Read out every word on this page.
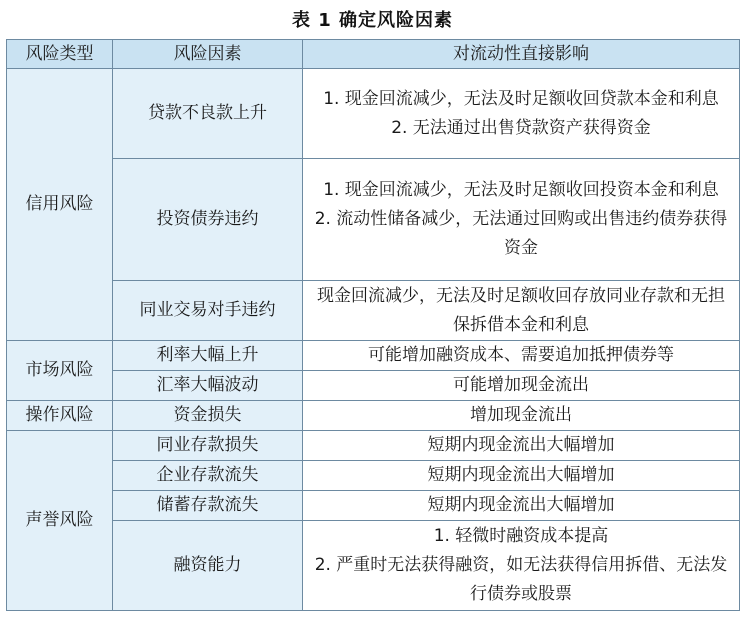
表 1 确定风险因素
风险类型	风险因素	对流动性直接影响
信用风险	贷款不良款上升	1. 现金回流减少，无法及时足额收回贷款本金和利息
2. 无法通过出售贷款资产获得资金

	投资债券违约	1. 现金回流减少，无法及时足额收回投资本金和利息
2. 流动性储备减少，无法通过回购或出售违约债券获得资金

	同业交易对手违约	现金回流减少，无法及时足额收回存放同业存款和无担保拆借本金和利息

市场风险	利率大幅上升	可能增加融资成本、需要追加抵押债券等
	汇率大幅波动	可能增加现金流出
操作风险	资金损失	增加现金流出
声誉风险	同业存款损失	短期内现金流出大幅增加
	企业存款流失	短期内现金流出大幅增加
	储蓄存款流失	短期内现金流出大幅增加
	融资能力	1. 轻微时融资成本提高
2. 严重时无法获得融资，如无法获得信用拆借、无法发行债券或股票
